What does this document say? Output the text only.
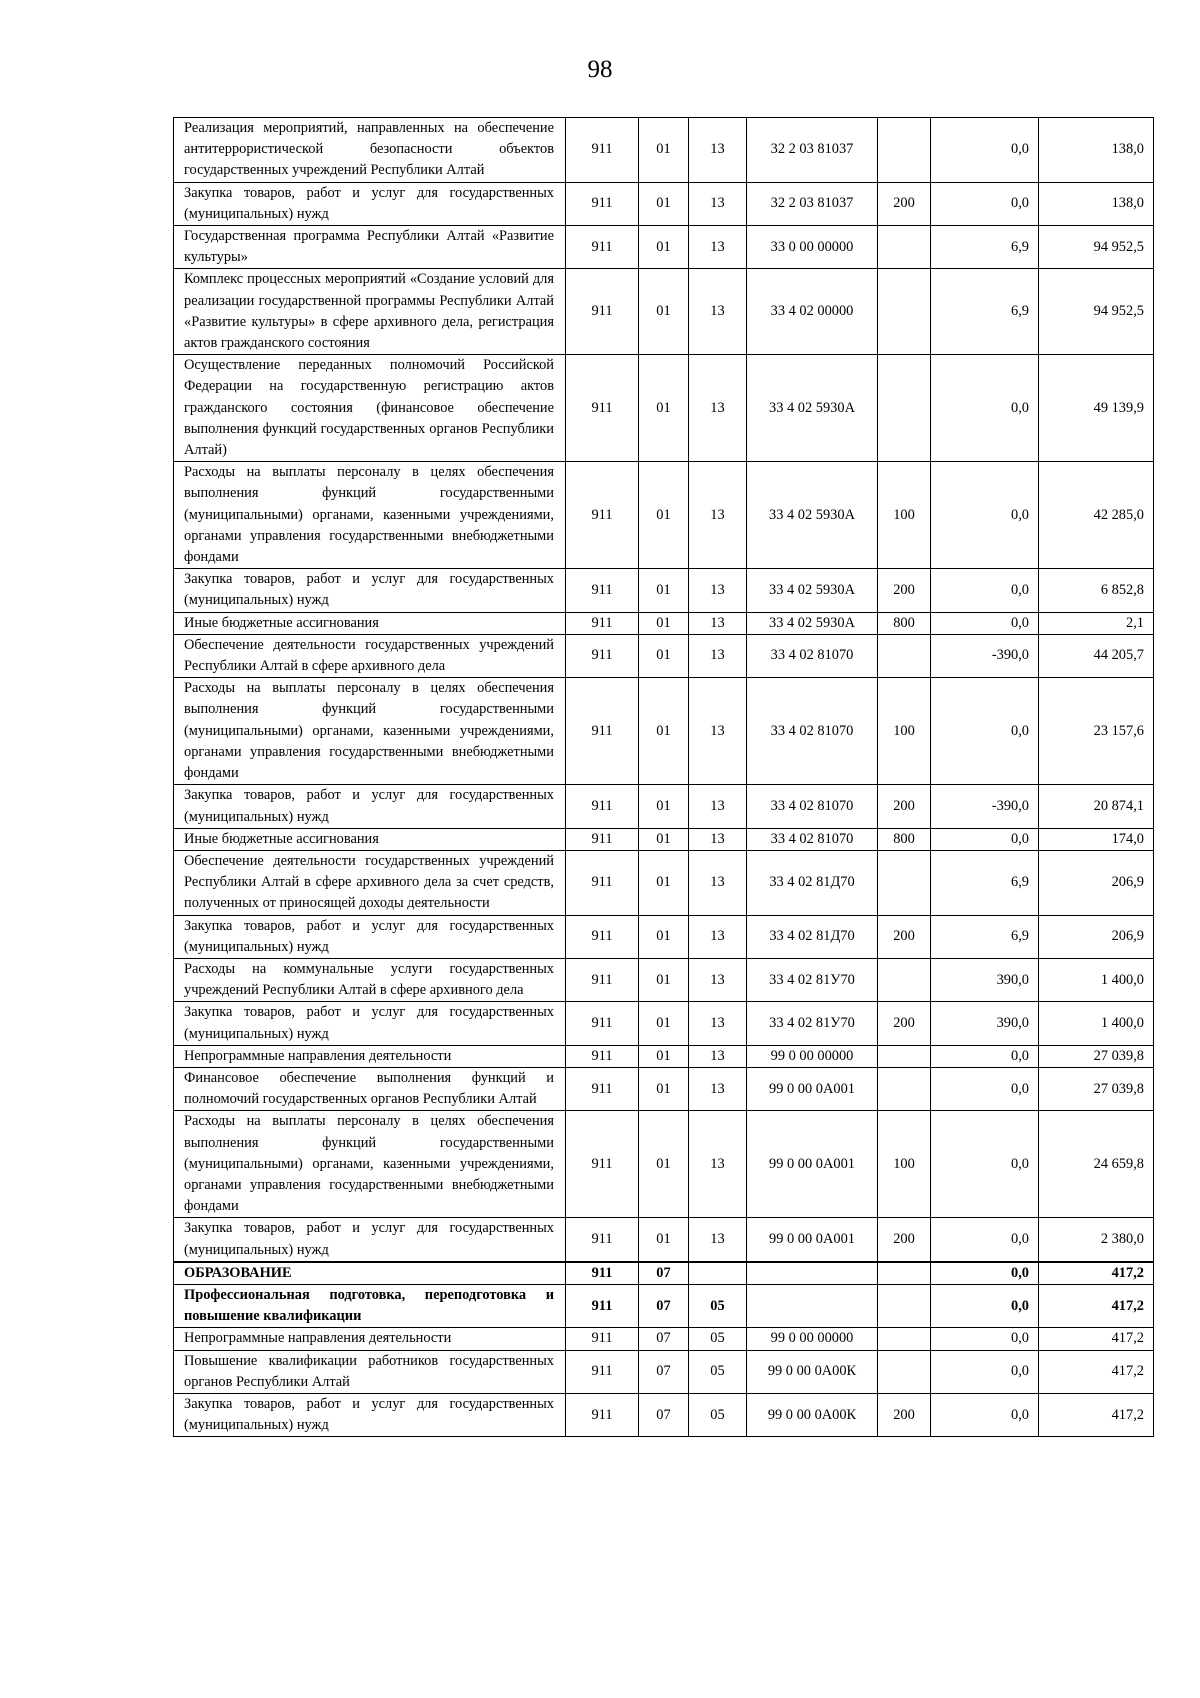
98
Реализация мероприятий, направленных на обеспечение антитеррористической безопасности объектов государственных учреждений Республики Алтай	911	01	13	32 2 03 81037		0,0	138,0
Закупка товаров, работ и услуг для государственных (муниципальных) нужд	911	01	13	32 2 03 81037	200	0,0	138,0
Государственная программа Республики Алтай «Развитие культуры»	911	01	13	33 0 00 00000		6,9	94 952,5
Комплекс процессных мероприятий «Создание условий для реализации государственной программы Республики Алтай «Развитие культуры» в сфере архивного дела, регистрация актов гражданского состояния	911	01	13	33 4 02 00000		6,9	94 952,5
Осуществление переданных полномочий Российской Федерации на государственную регистрацию актов гражданского состояния (финансовое обеспечение выполнения функций государственных органов Республики Алтай)	911	01	13	33 4 02 5930А		0,0	49 139,9
Расходы на выплаты персоналу в целях обеспечения выполнения функций государственными (муниципальными) органами, казенными учреждениями, органами управления государственными внебюджетными фондами	911	01	13	33 4 02 5930А	100	0,0	42 285,0
Закупка товаров, работ и услуг для государственных (муниципальных) нужд	911	01	13	33 4 02 5930А	200	0,0	6 852,8
Иные бюджетные ассигнования	911	01	13	33 4 02 5930А	800	0,0	2,1
Обеспечение деятельности государственных учреждений Республики Алтай в сфере архивного дела	911	01	13	33 4 02 81070		-390,0	44 205,7
Расходы на выплаты персоналу в целях обеспечения выполнения функций государственными (муниципальными) органами, казенными учреждениями, органами управления государственными внебюджетными фондами	911	01	13	33 4 02 81070	100	0,0	23 157,6
Закупка товаров, работ и услуг для государственных (муниципальных) нужд	911	01	13	33 4 02 81070	200	-390,0	20 874,1
Иные бюджетные ассигнования	911	01	13	33 4 02 81070	800	0,0	174,0
Обеспечение деятельности государственных учреждений Республики Алтай в сфере архивного дела за счет средств, полученных от приносящей доходы деятельности	911	01	13	33 4 02 81Д70		6,9	206,9
Закупка товаров, работ и услуг для государственных (муниципальных) нужд	911	01	13	33 4 02 81Д70	200	6,9	206,9
Расходы на коммунальные услуги государственных учреждений Республики Алтай в сфере архивного дела	911	01	13	33 4 02 81У70		390,0	1 400,0
Закупка товаров, работ и услуг для государственных (муниципальных) нужд	911	01	13	33 4 02 81У70	200	390,0	1 400,0
Непрограммные направления деятельности	911	01	13	99 0 00 00000		0,0	27 039,8
Финансовое обеспечение выполнения функций и полномочий государственных органов Республики Алтай	911	01	13	99 0 00 0А001		0,0	27 039,8
Расходы на выплаты персоналу в целях обеспечения выполнения функций государственными (муниципальными) органами, казенными учреждениями, органами управления государственными внебюджетными фондами	911	01	13	99 0 00 0А001	100	0,0	24 659,8
Закупка товаров, работ и услуг для государственных (муниципальных) нужд	911	01	13	99 0 00 0А001	200	0,0	2 380,0
ОБРАЗОВАНИЕ	911	07				0,0	417,2
Профессиональная подготовка, переподготовка и повышение квалификации	911	07	05			0,0	417,2
Непрограммные направления деятельности	911	07	05	99 0 00 00000		0,0	417,2
Повышение квалификации работников государственных органов Республики Алтай	911	07	05	99 0 00 0А00К		0,0	417,2
Закупка товаров, работ и услуг для государственных (муниципальных) нужд	911	07	05	99 0 00 0А00К	200	0,0	417,2
